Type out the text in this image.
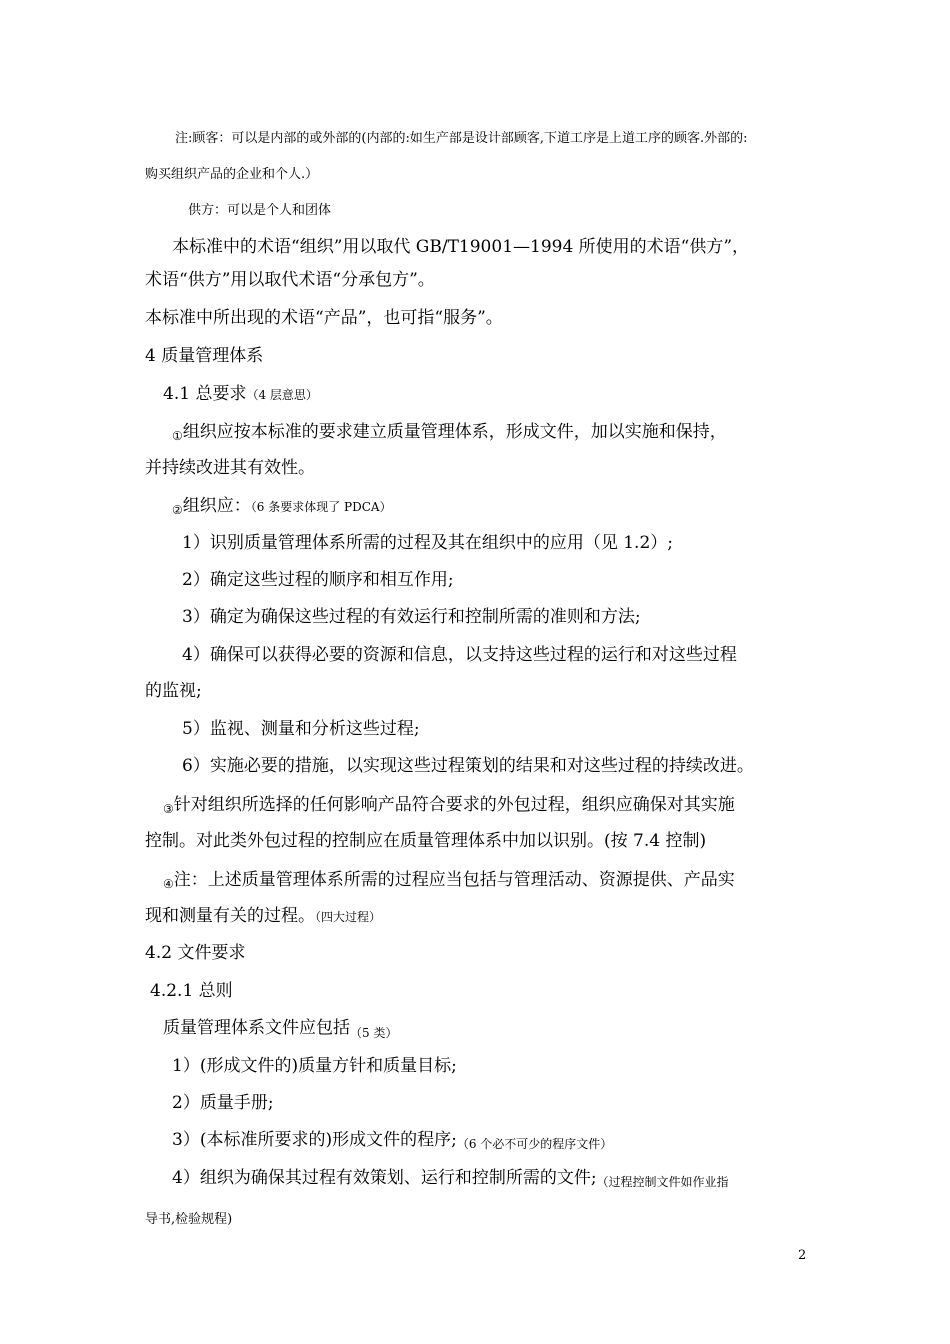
注:顾客：可以是内部的或外部的(内部的:如生产部是设计部顾客,下道工序是上道工序的顾客.外部的:
购买组织产品的企业和个人.）
供方：可以是个人和团体
本标准中的术语“组织”用以取代 GB/T19001—1994 所使用的术语“供方”，
术语“供方”用以取代术语“分承包方”。
本标准中所出现的术语“产品”，也可指“服务”。
4 质量管理体系
4.1 总要求（4 层意思）
①组织应按本标准的要求建立质量管理体系，形成文件，加以实施和保持，
并持续改进其有效性。
②组织应：（6 条要求体现了 PDCA）
1）识别质量管理体系所需的过程及其在组织中的应用（见 1.2）;
2）确定这些过程的顺序和相互作用;
3）确定为确保这些过程的有效运行和控制所需的准则和方法;
4）确保可以获得必要的资源和信息，以支持这些过程的运行和对这些过程
的监视;
5）监视、测量和分析这些过程;
6）实施必要的措施，以实现这些过程策划的结果和对这些过程的持续改进。
③针对组织所选择的任何影响产品符合要求的外包过程，组织应确保对其实施
控制。对此类外包过程的控制应在质量管理体系中加以识别。(按 7.4 控制)
④注：上述质量管理体系所需的过程应当包括与管理活动、资源提供、产品实
现和测量有关的过程。（四大过程）
4.2 文件要求
4.2.1 总则
质量管理体系文件应包括$_{(5 类)}$
1）(形成文件的)质量方针和质量目标;
2）质量手册;
3）(本标准所要求的)形成文件的程序;（6 个必不可少的程序文件）
4）组织为确保其过程有效策划、运行和控制所需的文件;（过程控制文件如作业指
导书,检验规程)
2
